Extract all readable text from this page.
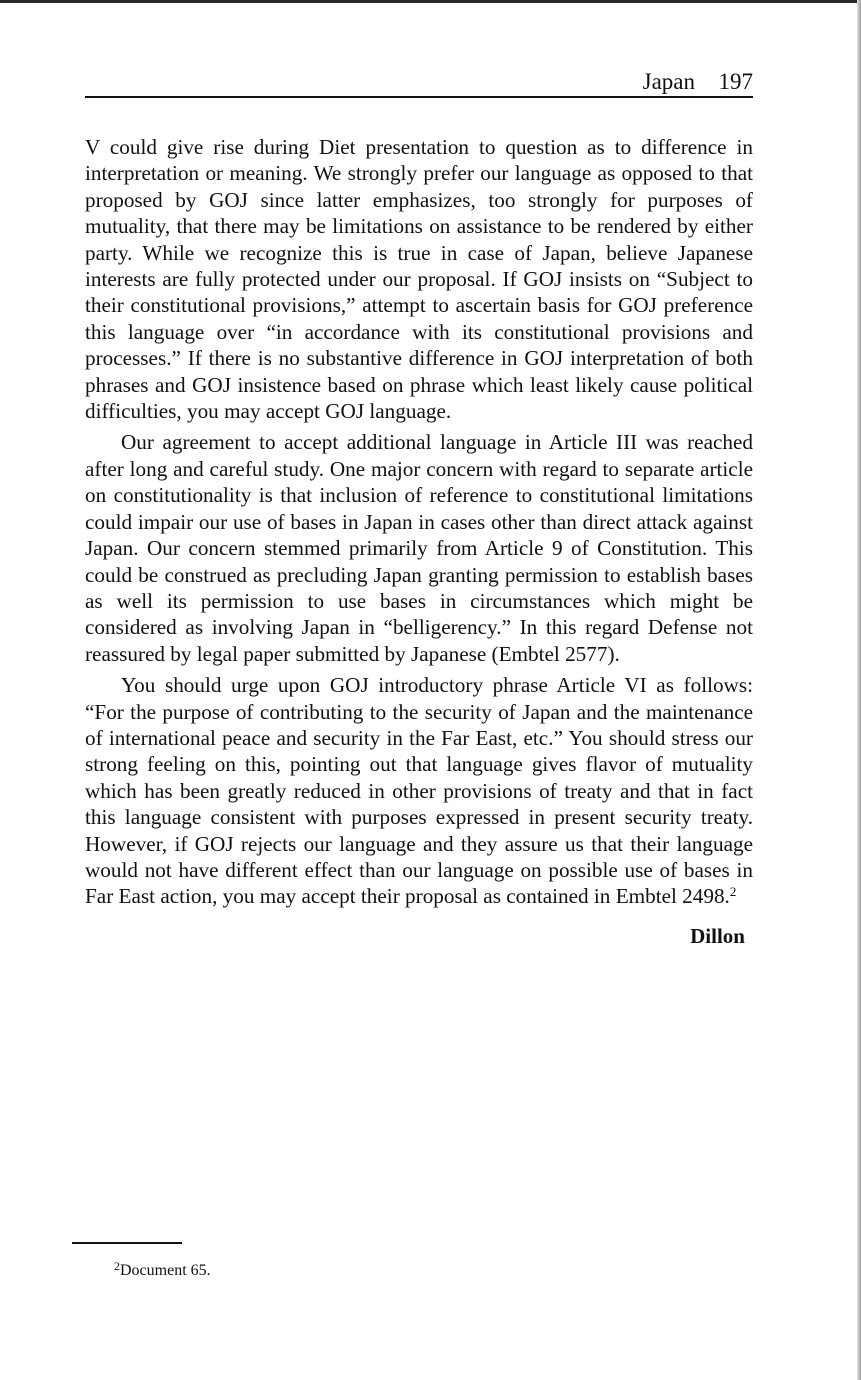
Japan 197

V could give rise during Diet presentation to question as to difference in interpretation or meaning. We strongly prefer our language as opposed to that proposed by GOJ since latter emphasizes, too strongly for purposes of mutuality, that there may be limitations on assistance to be rendered by either party. While we recognize this is true in case of Japan, believe Japanese interests are fully protected under our proposal. If GOJ insists on “Subject to their constitutional provisions,” attempt to ascertain basis for GOJ preference this language over “in accordance with its constitutional provisions and processes.” If there is no substantive difference in GOJ interpretation of both phrases and GOJ insistence based on phrase which least likely cause political difficulties, you may accept GOJ language.

Our agreement to accept additional language in Article III was reached after long and careful study. One major concern with regard to separate article on constitutionality is that inclusion of reference to constitutional limitations could impair our use of bases in Japan in cases other than direct attack against Japan. Our concern stemmed primarily from Article 9 of Constitution. This could be construed as precluding Japan granting permission to establish bases as well its permission to use bases in circumstances which might be considered as involving Japan in “belligerency.” In this regard Defense not reassured by legal paper submitted by Japanese (Embtel 2577).

You should urge upon GOJ introductory phrase Article VI as follows: “For the purpose of contributing to the security of Japan and the maintenance of international peace and security in the Far East, etc.” You should stress our strong feeling on this, pointing out that language gives flavor of mutuality which has been greatly reduced in other provisions of treaty and that in fact this language consistent with purposes expressed in present security treaty. However, if GOJ rejects our language and they assure us that their language would not have different effect than our language on possible use of bases in Far East action, you may accept their proposal as contained in Embtel 2498.$^2$

Dillon
$^2$Document 65.
